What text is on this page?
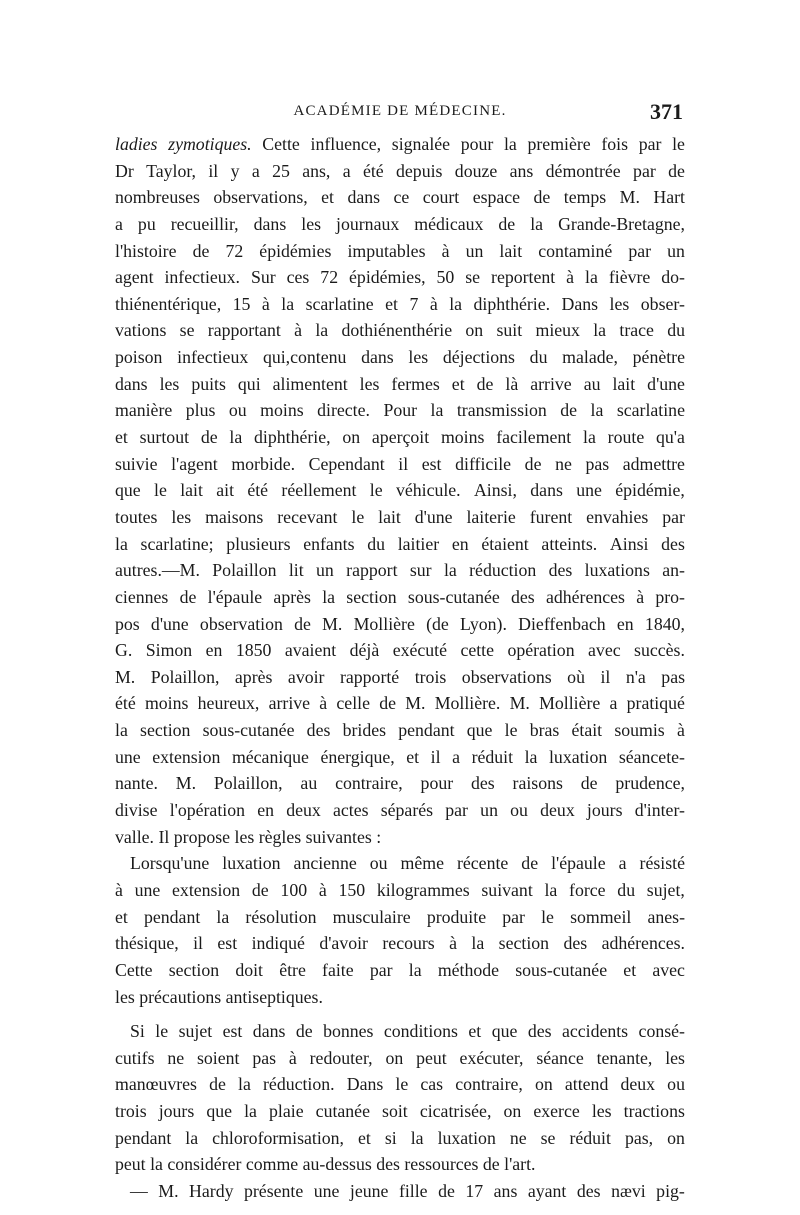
ACADÉMIE DE MÉDECINE.	371
ladies zymotiques. Cette influence, signalée pour la première fois par le
Dr Taylor, il y a 25 ans, a été depuis douze ans démontrée par de
nombreuses observations, et dans ce court espace de temps M. Hart
a pu recueillir, dans les journaux médicaux de la Grande-Bretagne,
l'histoire de 72 épidémies imputables à un lait contaminé par un
agent infectieux. Sur ces 72 épidémies, 50 se reportent à la fièvre do-
thiénentérique, 15 à la scarlatine et 7 à la diphthérie. Dans les obser-
vations se rapportant à la dothiénenthérie on suit mieux la trace du
poison infectieux qui,contenu dans les déjections du malade, pénètre
dans les puits qui alimentent les fermes et de là arrive au lait d'une
manière plus ou moins directe. Pour la transmission de la scarlatine
et surtout de la diphthérie, on aperçoit moins facilement la route qu'a
suivie l'agent morbide. Cependant il est difficile de ne pas admettre
que le lait ait été réellement le véhicule. Ainsi, dans une épidémie,
toutes les maisons recevant le lait d'une laiterie furent envahies par
la scarlatine; plusieurs enfants du laitier en étaient atteints. Ainsi des
autres.—M. Polaillon lit un rapport sur la réduction des luxations an-
ciennes de l'épaule après la section sous-cutanée des adhérences à pro-
pos d'une observation de M. Mollière (de Lyon). Dieffenbach en 1840,
G. Simon en 1850 avaient déjà exécuté cette opération avec succès.
M. Polaillon, après avoir rapporté trois observations où il n'a pas
été moins heureux, arrive à celle de M. Mollière. M. Mollière a pratiqué
la section sous-cutanée des brides pendant que le bras était soumis à
une extension mécanique énergique, et il a réduit la luxation séancete-
nante. M. Polaillon, au contraire, pour des raisons de prudence,
divise l'opération en deux actes séparés par un ou deux jours d'inter-
valle. Il propose les règles suivantes :
Lorsqu'une luxation ancienne ou même récente de l'épaule a résisté
à une extension de 100 à 150 kilogrammes suivant la force du sujet,
et pendant la résolution musculaire produite par le sommeil anes-
thésique, il est indiqué d'avoir recours à la section des adhérences.
Cette section doit être faite par la méthode sous-cutanée et avec
les précautions antiseptiques.
Si le sujet est dans de bonnes conditions et que des accidents consé-
cutifs ne soient pas à redouter, on peut exécuter, séance tenante, les
manœuvres de la réduction. Dans le cas contraire, on attend deux ou
trois jours que la plaie cutanée soit cicatrisée, on exerce les tractions
pendant la chloroformisation, et si la luxation ne se réduit pas, on
peut la considérer comme au-dessus des ressources de l'art.
— M. Hardy présente une jeune fille de 17 ans ayant des nævi pig-
